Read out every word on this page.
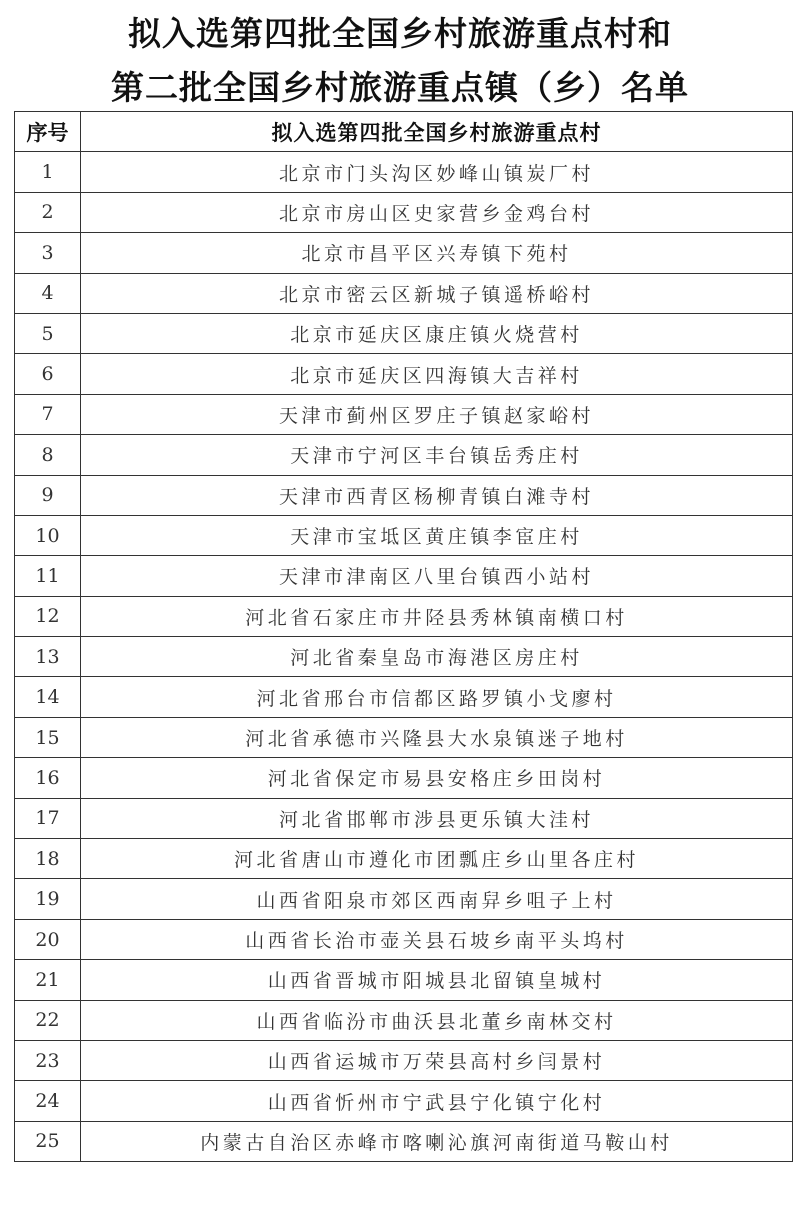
拟入选第四批全国乡村旅游重点村和
第二批全国乡村旅游重点镇（乡）名单
序号	拟入选第四批全国乡村旅游重点村
1	北京市门头沟区妙峰山镇炭厂村
2	北京市房山区史家营乡金鸡台村
3	北京市昌平区兴寿镇下苑村
4	北京市密云区新城子镇遥桥峪村
5	北京市延庆区康庄镇火烧营村
6	北京市延庆区四海镇大吉祥村
7	天津市蓟州区罗庄子镇赵家峪村
8	天津市宁河区丰台镇岳秀庄村
9	天津市西青区杨柳青镇白滩寺村
10	天津市宝坻区黄庄镇李宦庄村
11	天津市津南区八里台镇西小站村
12	河北省石家庄市井陉县秀林镇南横口村
13	河北省秦皇岛市海港区房庄村
14	河北省邢台市信都区路罗镇小戈廖村
15	河北省承德市兴隆县大水泉镇迷子地村
16	河北省保定市易县安格庄乡田岗村
17	河北省邯郸市涉县更乐镇大洼村
18	河北省唐山市遵化市团瓢庄乡山里各庄村
19	山西省阳泉市郊区西南舁乡咀子上村
20	山西省长治市壶关县石坡乡南平头坞村
21	山西省晋城市阳城县北留镇皇城村
22	山西省临汾市曲沃县北董乡南林交村
23	山西省运城市万荣县高村乡闫景村
24	山西省忻州市宁武县宁化镇宁化村
25	内蒙古自治区赤峰市喀喇沁旗河南街道马鞍山村
